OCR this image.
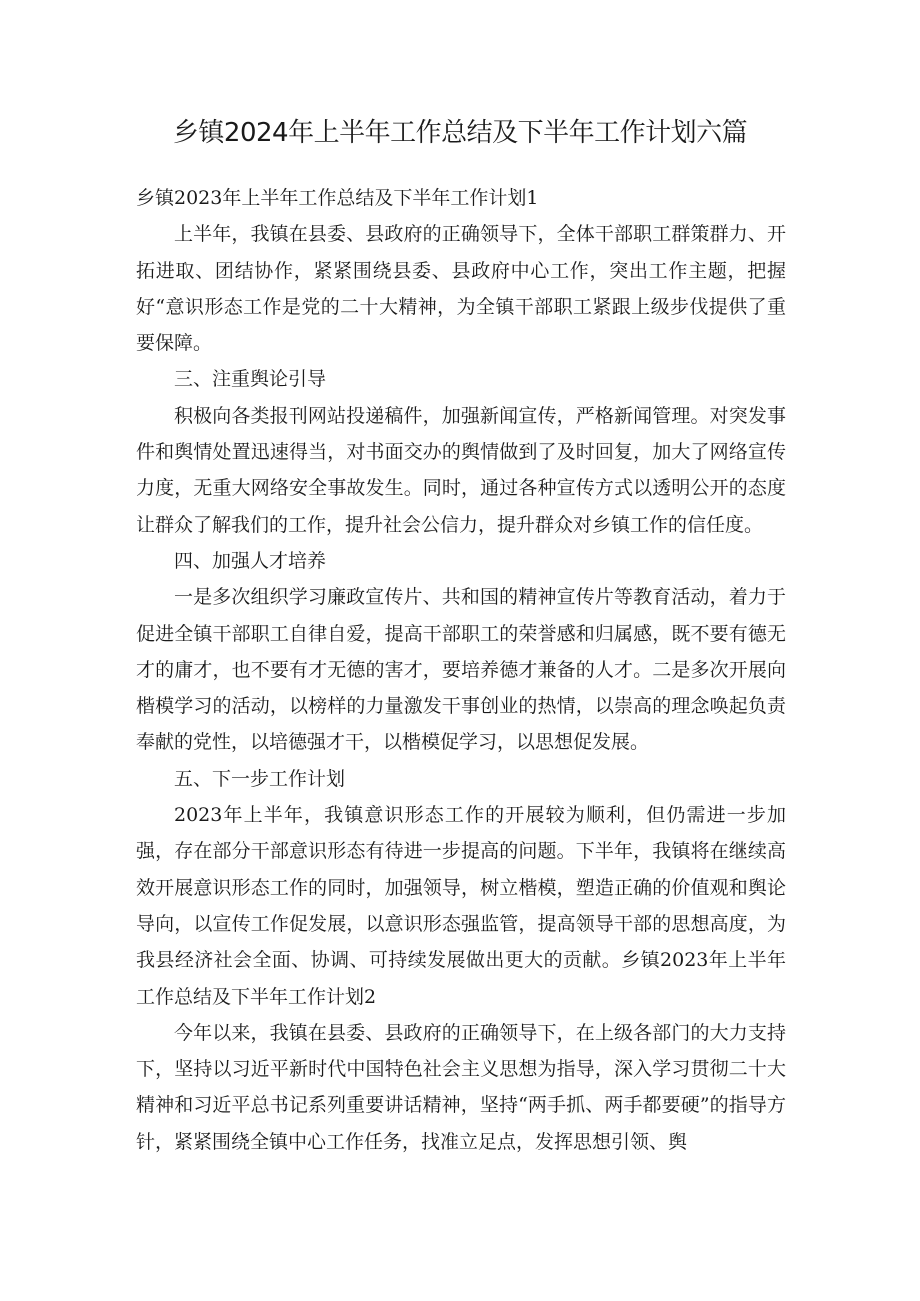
乡镇2024年上半年工作总结及下半年工作计划六篇

乡镇2023年上半年工作总结及下半年工作计划1

上半年，我镇在县委、县政府的正确领导下，全体干部职工群策群力、开拓进取、团结协作，紧紧围绕县委、县政府中心工作，突出工作主题，把握好“意识形态工作是党的二十大精神，为全镇干部职工紧跟上级步伐提供了重要保障。

三、注重舆论引导

积极向各类报刊网站投递稿件，加强新闻宣传，严格新闻管理。对突发事件和舆情处置迅速得当，对书面交办的舆情做到了及时回复，加大了网络宣传力度，无重大网络安全事故发生。同时，通过各种宣传方式以透明公开的态度让群众了解我们的工作，提升社会公信力，提升群众对乡镇工作的信任度。

四、加强人才培养

一是多次组织学习廉政宣传片、共和国的精神宣传片等教育活动，着力于促进全镇干部职工自律自爱，提高干部职工的荣誉感和归属感，既不要有德无才的庸才，也不要有才无德的害才，要培养德才兼备的人才。二是多次开展向楷模学习的活动，以榜样的力量激发干事创业的热情，以崇高的理念唤起负责奉献的党性，以培德强才干，以楷模促学习，以思想促发展。

五、下一步工作计划

2023年上半年，我镇意识形态工作的开展较为顺利，但仍需进一步加强，存在部分干部意识形态有待进一步提高的问题。下半年，我镇将在继续高效开展意识形态工作的同时，加强领导，树立楷模，塑造正确的价值观和舆论导向，以宣传工作促发展，以意识形态强监管，提高领导干部的思想高度，为我县经济社会全面、协调、可持续发展做出更大的贡献。乡镇2023年上半年工作总结及下半年工作计划2

今年以来，我镇在县委、县政府的正确领导下，在上级各部门的大力支持下，坚持以习近平新时代中国特色社会主义思想为指导，深入学习贯彻二十大精神和习近平总书记系列重要讲话精神，坚持“两手抓、两手都要硬”的指导方针，紧紧围绕全镇中心工作任务，找准立足点，发挥思想引领、舆
